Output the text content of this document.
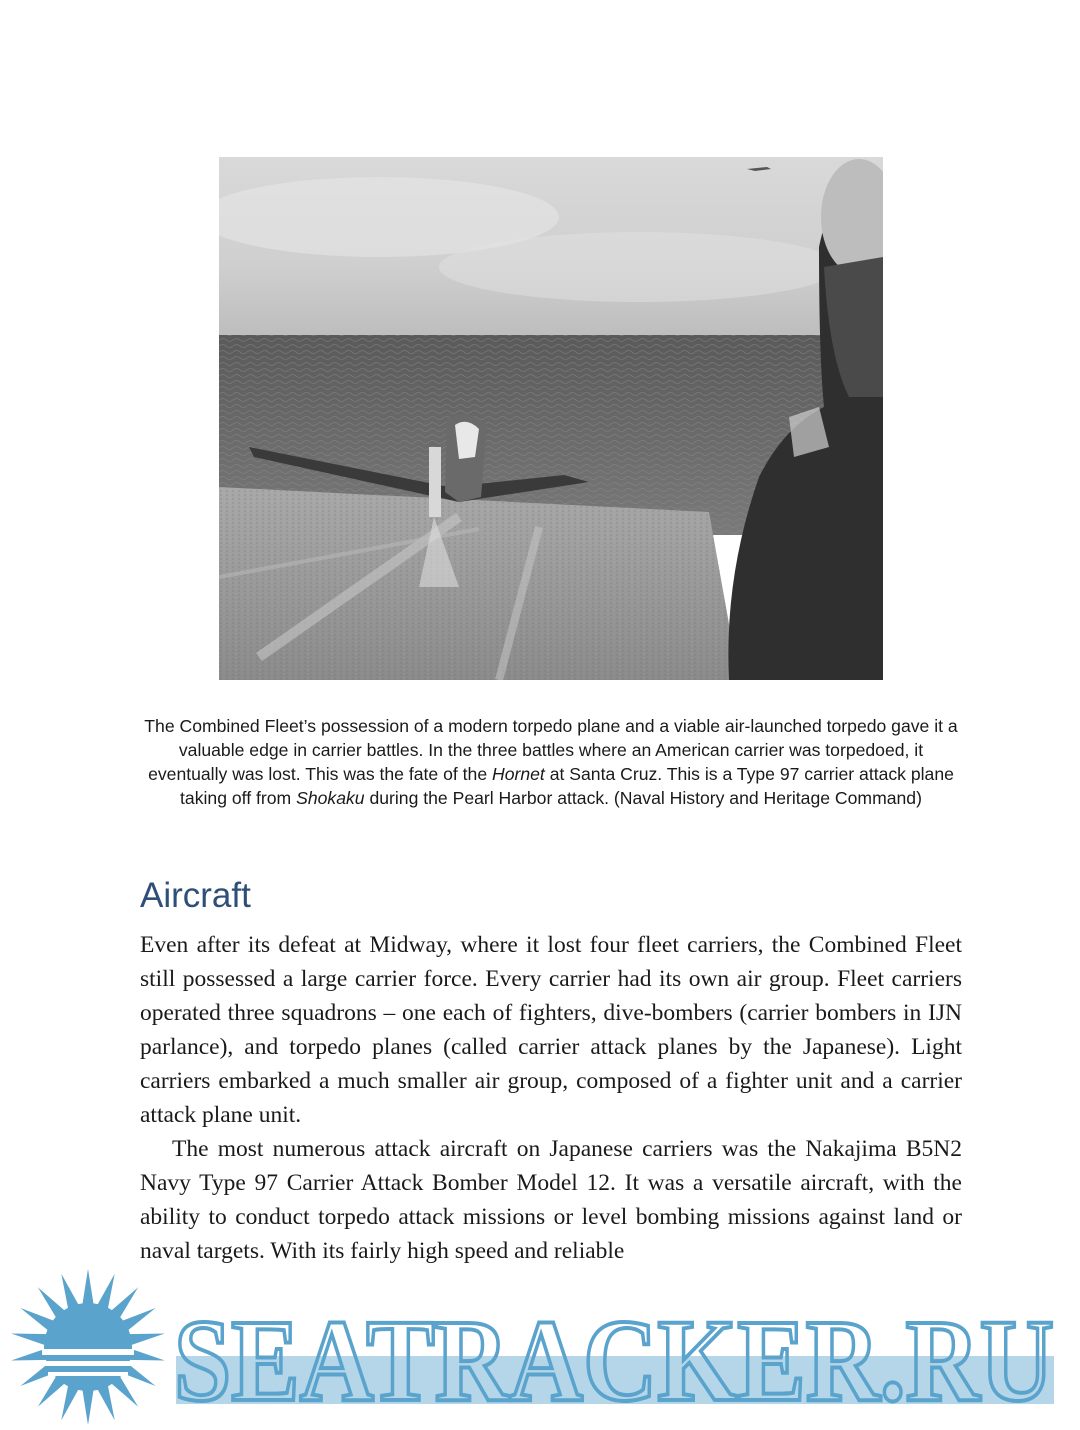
The Combined Fleet’s possession of a modern torpedo plane and a viable air-launched torpedo gave it a valuable edge in carrier battles. In the three battles where an American carrier was torpedoed, it eventually was lost. This was the fate of the Hornet at Santa Cruz. This is a Type 97 carrier attack plane taking off from Shokaku during the Pearl Harbor attack. (Naval History and Heritage Command)

Aircraft

Even after its defeat at Midway, where it lost four fleet carriers, the Combined Fleet still possessed a large carrier force. Every carrier had its own air group. Fleet carriers operated three squadrons – one each of fighters, dive-bombers (carrier bombers in IJN parlance), and torpedo planes (called carrier attack planes by the Japanese). Light carriers embarked a much smaller air group, composed of a fighter unit and a carrier attack plane unit.

The most numerous attack aircraft on Japanese carriers was the Nakajima B5N2 Navy Type 97 Carrier Attack Bomber Model 12. It was a versatile aircraft, with the ability to conduct torpedo attack missions or level bombing missions against land or naval targets. With its fairly high speed and reliable

SEATRACKER.RU
